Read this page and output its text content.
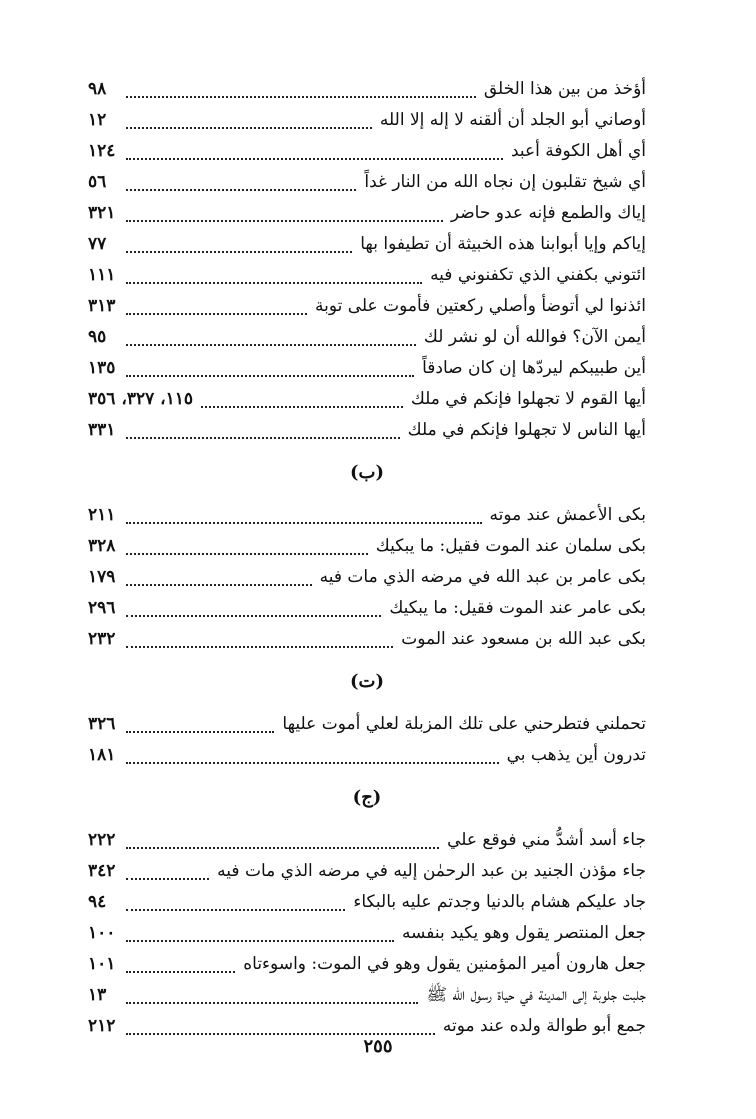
أؤخذ من بين هذا الخلق
٩٨
أوصاني أبو الجلد أن ألقنه لا إله إلا الله
١٢
أي أهل الكوفة أعبد
١٢٤
أي شيخ تقلبون إن نجاه الله من النار غداً
٥٦
إياك والطمع فإنه عدو حاضر
٣٢١
إياكم وإيا أبوابنا هذه الخبيثة أن تطيفوا بها
٧٧
ائتوني بكفني الذي تكفنوني فيه
١١١
ائذنوا لي أتوضأ وأصلي ركعتين فأموت على توبة
٣١٣
أيمن الآن؟ فوالله أن لو نشر لك
٩٥
أين طبيبكم ليردّها إن كان صادقاً
١٣٥
أيها القوم لا تجهلوا فإنكم في ملك
١١٥، ٣٢٧، ٣٥٦
أيها الناس لا تجهلوا فإنكم في ملك
٣٣١
(ب)
بكى الأعمش عند موته
٢١١
بكى سلمان عند الموت فقيل: ما يبكيك
٣٢٨
بكى عامر بن عبد الله في مرضه الذي مات فيه
١٧٩
بكى عامر عند الموت فقيل: ما يبكيك
٢٩٦
بكى عبد الله بن مسعود عند الموت
٢٣٢
(ت)
تحملني فتطرحني على تلك المزبلة لعلي أموت عليها
٣٢٦
تدرون أين يذهب بي
١٨١
(ج)
جاء أسد أشدُّ مني فوقع علي
٢٢٢
جاء مؤذن الجنيد بن عبد الرحمٰن إليه في مرضه الذي مات فيه
٣٤٢
جاد عليكم هشام بالدنيا وجدتم عليه بالبكاء
٩٤
جعل المنتصر يقول وهو يكيد بنفسه
١٠٠
جعل هارون أمير المؤمنين يقول وهو في الموت: واسوءتاه
١٠١
جلبت جلوبة إلى المدينة في حياة رسول الله ﷺ
١٣
جمع أبو طوالة ولده عند موته
٢١٢
٢٥٥
